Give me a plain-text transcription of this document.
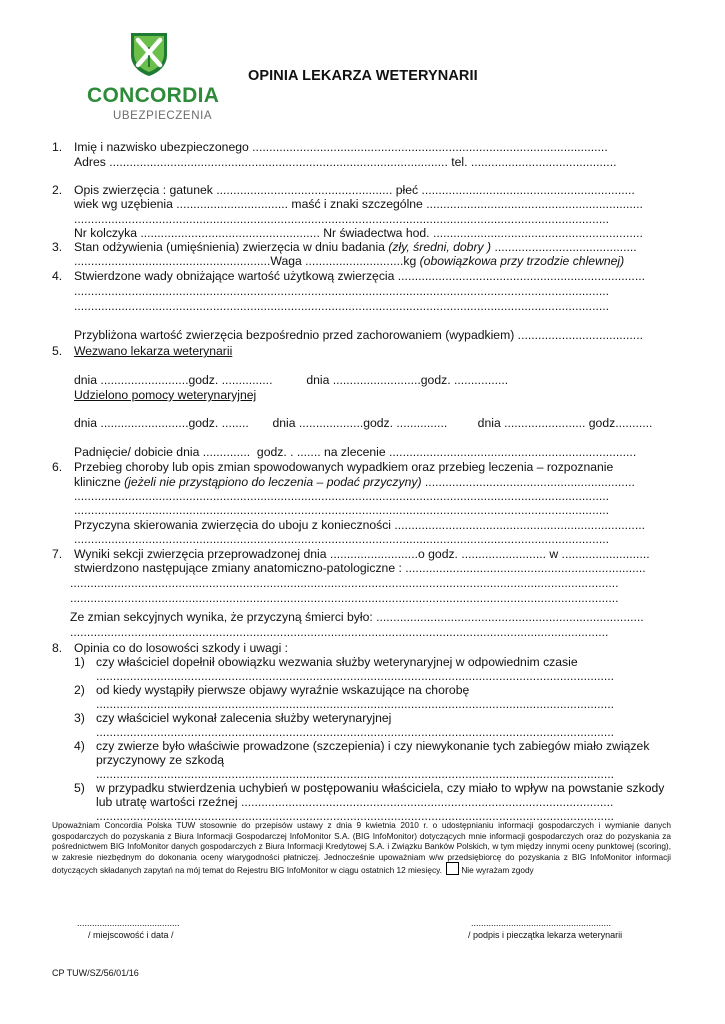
CONCORDIA
UBEZPIECZENIA
OPINIA LEKARZA WETERYNARII
1. Imię i nazwisko ubezpieczonego .........................................................................................................
Adres .................................................................................................... tel. ...........................................
2. Opis zwierzęcia : gatunek .................................................... płeć ...............................................................
wiek wg uzębienia ................................. maść i znaki szczególne ................................................................
..............................................................................................................................................................
Nr kolczyka ..................................................... Nr świadectwa hod. ..............................................................
3. Stan odżywienia (umięśnienia) zwierzęcia w dniu badania (zły, średni, dobry ) ..........................................
..........................................................Waga .............................kg (obowiązkowa przy trzodzie chlewnej)
4. Stwierdzone wady obniżające wartość użytkową zwierzęcia .........................................................................
..............................................................................................................................................................
..............................................................................................................................................................
Przybliżona wartość zwierzęcia bezpośrednio przed zachorowaniem (wypadkiem) .....................................
5. Wezwano lekarza weterynarii
dnia ..........................godz. ...............          dnia ..........................godz. ................
Udzielono pomocy weterynaryjnej
dnia ..........................godz. ........       dnia ...................godz. ...............         dnia ........................ godz...........
Padnięcie/ dobicie dnia ..............  godz. . ....... na zlecenie .........................................................................
6. Przebieg choroby lub opis zmian spowodowanych wypadkiem oraz przebieg leczenia – rozpoznanie
kliniczne (jeżeli nie przystąpiono do leczenia – podać przyczyny) ..............................................................
..............................................................................................................................................................
..............................................................................................................................................................
Przyczyna skierowania zwierzęcia do uboju z konieczności ..........................................................................
..............................................................................................................................................................
7. Wyniki sekcji zwierzęcia przeprowadzonej dnia ..........................o godz. ......................... w ..........................
stwierdzono następujące zmiany anatomiczno-patologiczne : .......................................................................
..................................................................................................................................................................
..................................................................................................................................................................
Ze zmian sekcyjnych wynika, że przyczyną śmierci było: ...............................................................................
...............................................................................................................................................................
8. Opinia co do losowości szkody i uwagi :
1) czy właściciel dopełnił obowiązku wezwania służby weterynaryjnej w odpowiednim czasie
.........................................................................................................................................................
2) od kiedy wystąpiły pierwsze objawy wyraźnie wskazujące na chorobę
.........................................................................................................................................................
3) czy właściciel wykonał zalecenia służby weterynaryjnej
.........................................................................................................................................................
4) czy zwierze było właściwie prowadzone (szczepienia) i czy niewykonanie tych zabiegów miało związek
przyczynowy ze szkodą
.........................................................................................................................................................
5) w przypadku stwierdzenia uchybień w postępowaniu właściciela, czy miało to wpływ na powstanie szkody
lub utratę wartości rzeźnej ..............................................................................................................
.........................................................................................................................................................
Upoważniam Concordia Polska TUW stosownie do przepisów ustawy z dnia 9 kwietnia 2010 r. o udostępnianiu informacji gospodarczych i wymianie danych gospodarczych do pozyskania z Biura Informacji Gospodarczej InfoMonitor S.A. (BIG InfoMonitor) dotyczących mnie informacji gospodarczych oraz do pozyskania za pośrednictwem BIG InfoMonitor danych gospodarczych z Biura Informacji Kredytowej S.A. i Związku Banków Polskich, w tym między innymi oceny punktowej (scoring), w zakresie niezbędnym do dokonania oceny wiarygodności płatniczej. Jednocześnie upoważniam w/w przedsiębiorcę do pozyskania z BIG InfoMonitor informacji dotyczących składanych zapytań na mój temat do Rejestru BIG InfoMonitor w ciągu ostatnich 12 miesięcy. Nie wyrażam zgody
.........................................
/ miejscowość i data /
........................................................
/ podpis i pieczątka lekarza weterynarii
CP TUW/SZ/56/01/16
